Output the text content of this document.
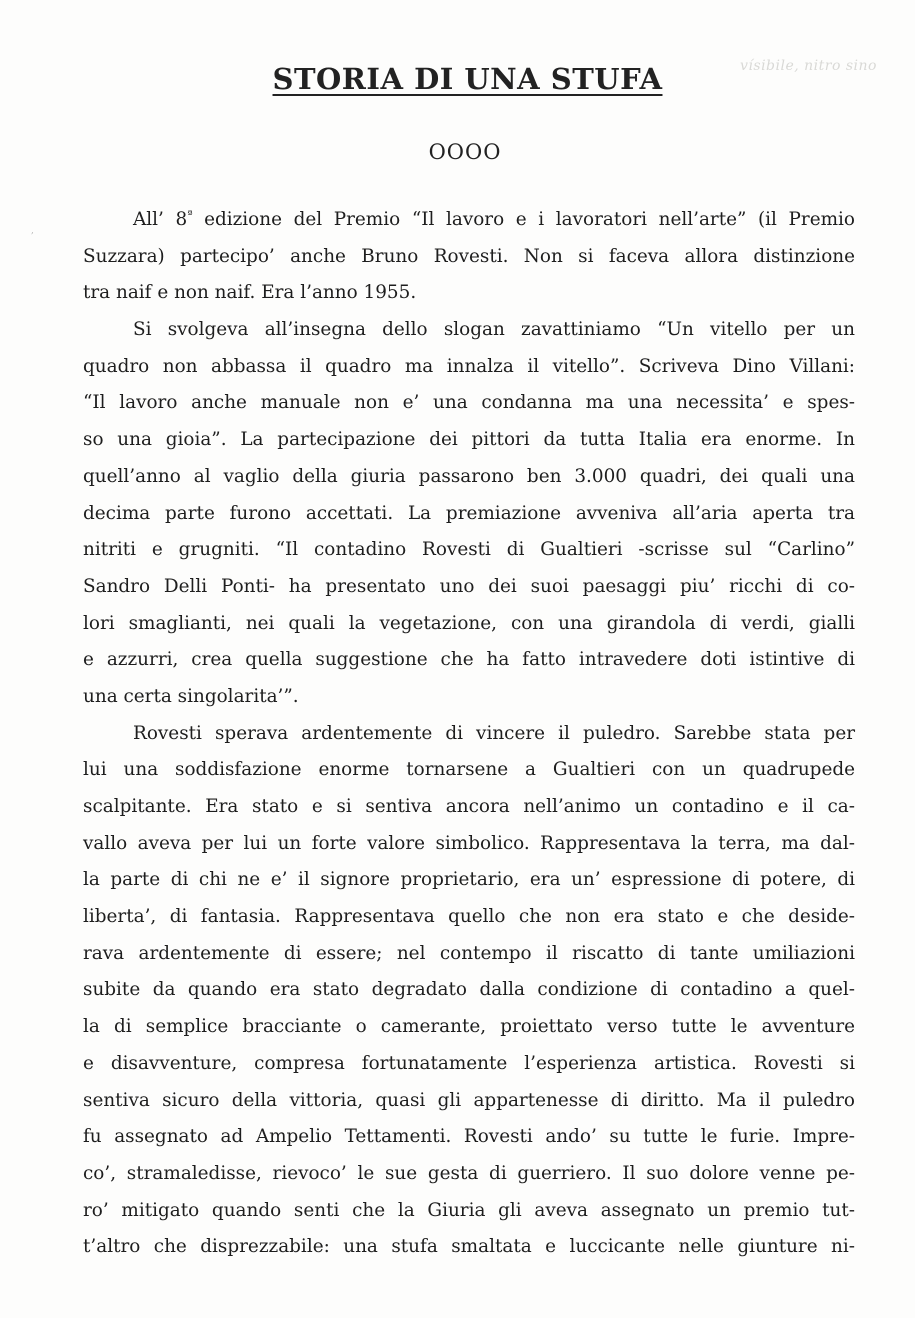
vísibile, nitro sino
STORIA DI UNA STUFA
OOOO
,
All’ $8^ª$ edizione del Premio “Il lavoro e i lavoratori nell’arte” (il Premio
Suzzara) partecipo’ anche Bruno Rovesti. Non si faceva allora distinzione
tra naif e non naif. Era l’anno 1955.
Si svolgeva all’insegna dello slogan zavattiniamo “Un vitello per un
quadro non abbassa il quadro ma innalza il vitello”. Scriveva Dino Villani:
“Il lavoro anche manuale non e’ una condanna ma una necessita’ e spes-
so una gioia”. La partecipazione dei pittori da tutta Italia era enorme. In
quell’anno al vaglio della giuria passarono ben 3.000 quadri, dei quali una
decima parte furono accettati. La premiazione avveniva all’aria aperta tra
nitriti e grugniti. “Il contadino Rovesti di Gualtieri -scrisse sul “Carlino”
Sandro Delli Ponti- ha presentato uno dei suoi paesaggi piu’ ricchi di co-
lori smaglianti, nei quali la vegetazione, con una girandola di verdi, gialli
e azzurri, crea quella suggestione che ha fatto intravedere doti istintive di
una certa singolarita’”.
Rovesti sperava ardentemente di vincere il puledro. Sarebbe stata per
lui una soddisfazione enorme tornarsene a Gualtieri con un quadrupede
scalpitante. Era stato e si sentiva ancora nell’animo un contadino e il ca-
vallo aveva per lui un forte valore simbolico. Rappresentava la terra, ma dal-
la parte di chi ne e’ il signore proprietario, era un’ espressione di potere, di
liberta’, di fantasia. Rappresentava quello che non era stato e che deside-
rava ardentemente di essere; nel contempo il riscatto di tante umiliazioni
subite da quando era stato degradato dalla condizione di contadino a quel-
la di semplice bracciante o camerante, proiettato verso tutte le avventure
e disavventure, compresa fortunatamente l’esperienza artistica. Rovesti si
sentiva sicuro della vittoria, quasi gli appartenesse di diritto. Ma il puledro
fu assegnato ad Ampelio Tettamenti. Rovesti ando’ su tutte le furie. Impre-
co’, stramaledisse, rievoco’ le sue gesta di guerriero. Il suo dolore venne pe-
ro’ mitigato quando senti che la Giuria gli aveva assegnato un premio tut-
t’altro che disprezzabile: una stufa smaltata e luccicante nelle giunture ni-
